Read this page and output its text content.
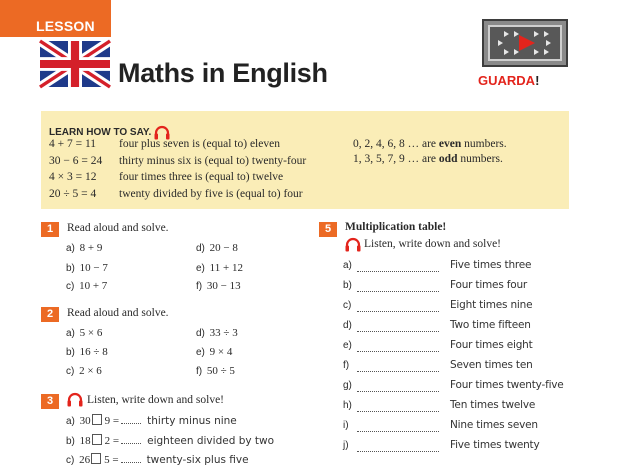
LESSON
Maths in English	GUARDA!
LEARN HOW TO SAY.
4 + 7 = 11 four plus seven is (equal to) eleven
30 − 6 = 24 thirty minus six is (equal to) twenty-four
4 × 3 = 12 four times three is (equal to) twelve
20 ÷ 5 = 4 twenty divided by five is (equal to) four
0, 2, 4, 6, 8 … are even numbers.
1, 3, 5, 7, 9 … are odd numbers.
1	Read aloud and solve.
a) 8 + 9
b) 10 − 7
c) 10 + 7
d) 20 − 8
e) 11 + 12
f) 30 − 13
2	Read aloud and solve.
a) 5 × 6
b) 16 ÷ 8
c) 2 × 6
d) 33 ÷ 3
e) 9 × 4
f) 50 ÷ 5
3	Listen, write down and solve!
a) 30 9 =	thirty minus nine
b) 18 2 =	eighteen divided by two
c) 26 5 =	twenty-six plus five
5	Multiplication table!
Listen, write down and solve!
a)	Five times three
b)	Four times four
c)	Eight times nine
d)	Two time fifteen
e)	Four times eight
f)	Seven times ten
g)	Four times twenty-five
h)	Ten times twelve
i)	Nine times seven
j)	Five times twenty
